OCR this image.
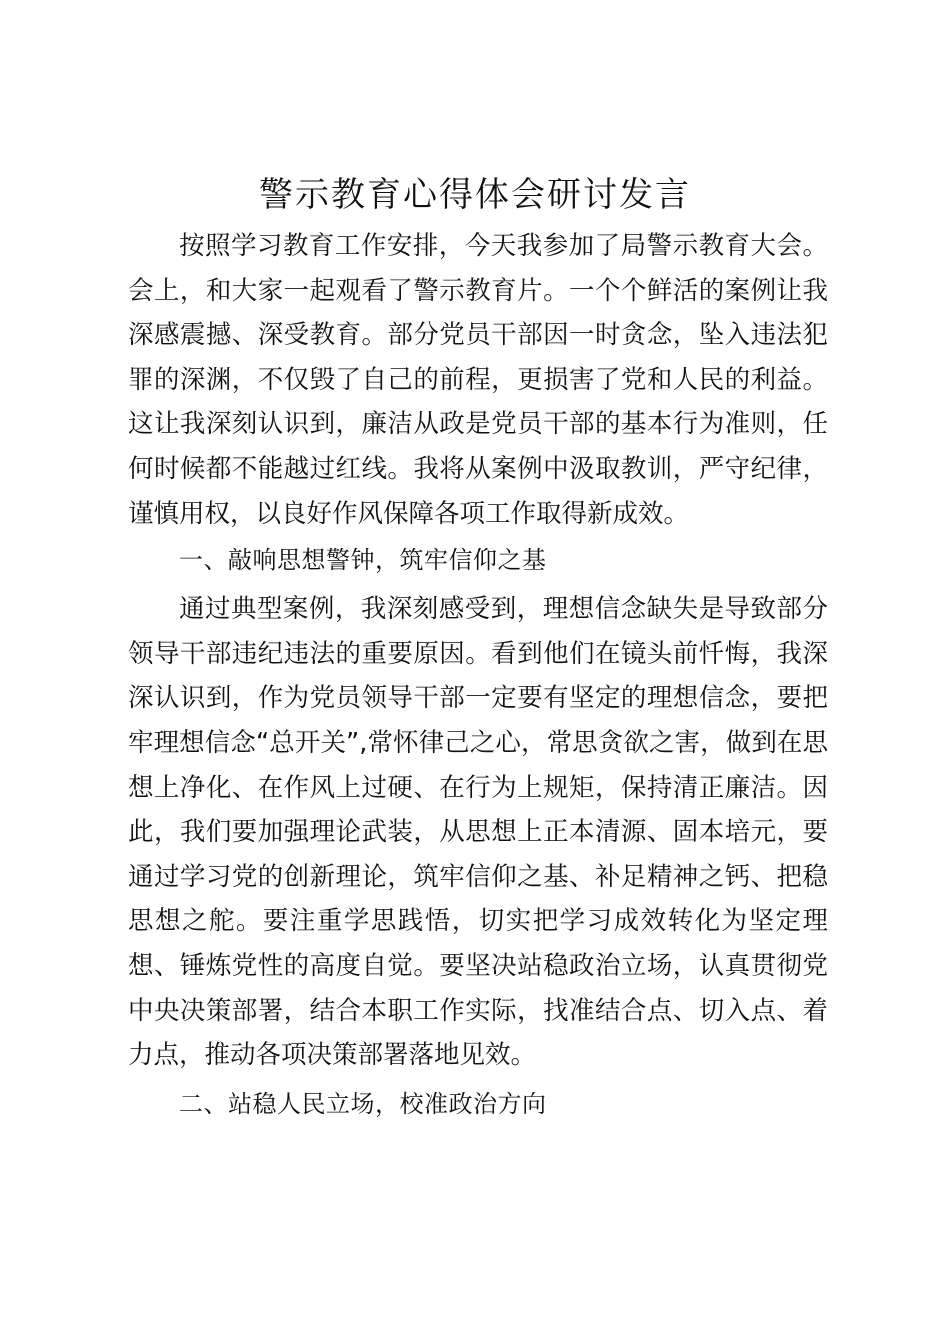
警示教育心得体会研讨发言

按照学习教育工作安排，今天我参加了局警示教育大会。会上，和大家一起观看了警示教育片。一个个鲜活的案例让我深感震撼、深受教育。部分党员干部因一时贪念，坠入违法犯罪的深渊，不仅毁了自己的前程，更损害了党和人民的利益。这让我深刻认识到，廉洁从政是党员干部的基本行为准则，任何时候都不能越过红线。我将从案例中汲取教训，严守纪律，谨慎用权，以良好作风保障各项工作取得新成效。

一、敲响思想警钟，筑牢信仰之基

通过典型案例，我深刻感受到，理想信念缺失是导致部分领导干部违纪违法的重要原因。看到他们在镜头前忏悔，我深深认识到，作为党员领导干部一定要有坚定的理想信念，要把牢理想信念“总开关”,常怀律己之心，常思贪欲之害，做到在思想上净化、在作风上过硬、在行为上规矩，保持清正廉洁。因此，我们要加强理论武装，从思想上正本清源、固本培元，要通过学习党的创新理论，筑牢信仰之基、补足精神之钙、把稳思想之舵。要注重学思践悟，切实把学习成效转化为坚定理想、锤炼党性的高度自觉。要坚决站稳政治立场，认真贯彻党中央决策部署，结合本职工作实际，找准结合点、切入点、着力点，推动各项决策部署落地见效。

二、站稳人民立场，校准政治方向
